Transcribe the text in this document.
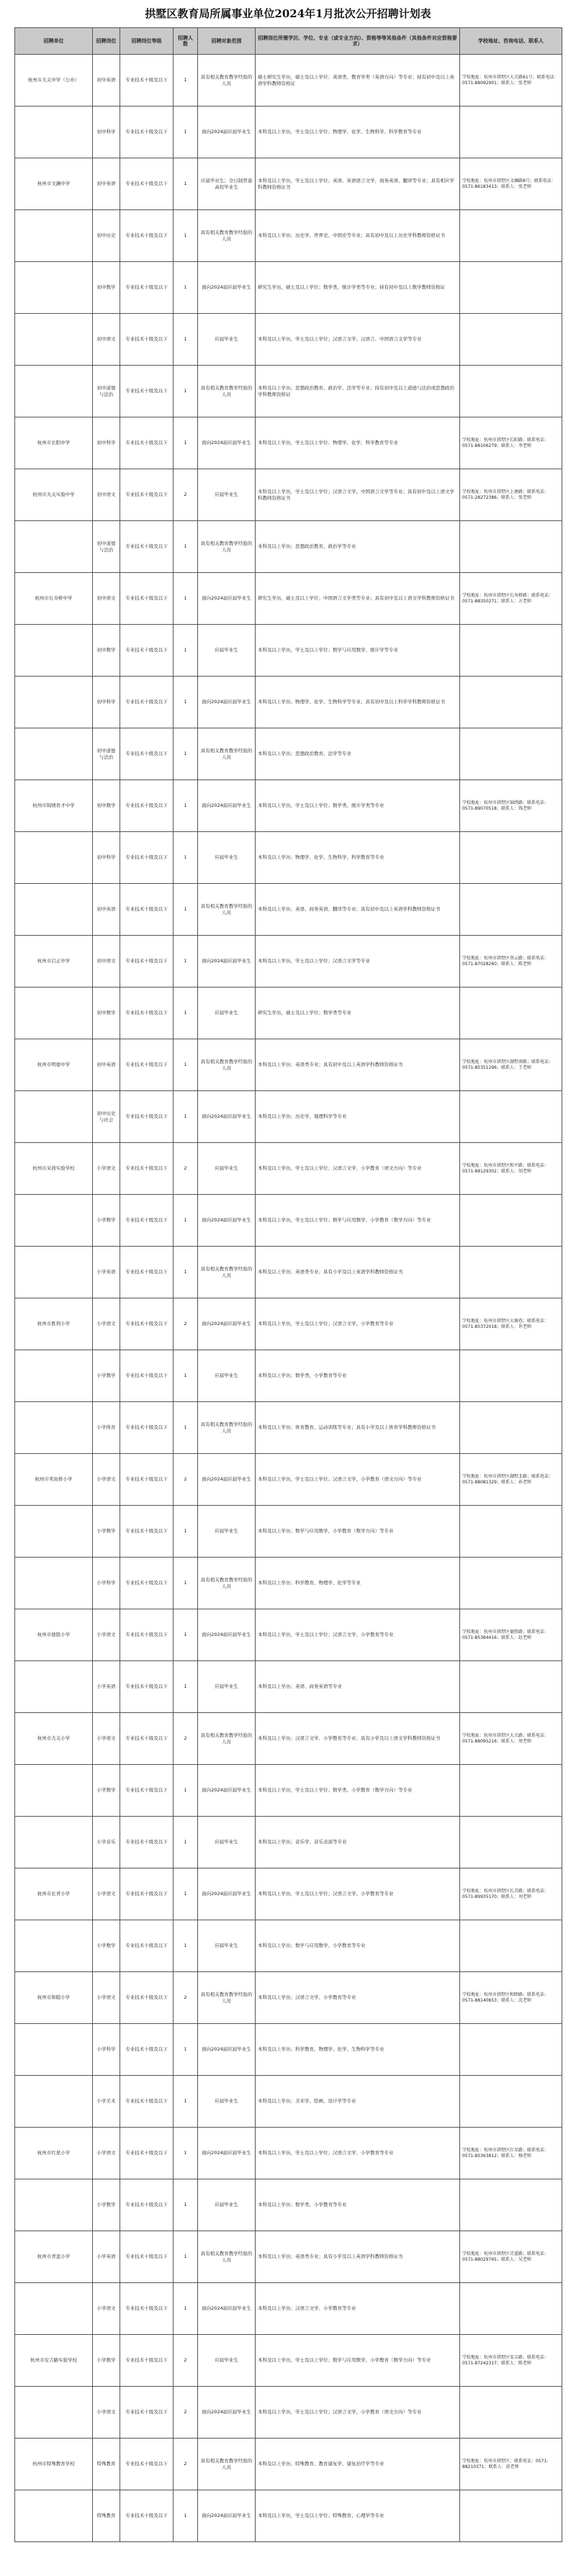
拱墅区教育局所属事业单位2024年1月批次公开招聘计划表
招聘单位	招聘岗位	招聘岗位等级	招聘人数	招聘对象范围	招聘岗位所需学历、学位、专业（或专业方向）、资格等等其他条件（其他条件对应资格要求）	学校地址、咨询电话、联系人
杭州市大关中学（公办）	初中英语	专业技术十级及以下	1	具有相关教育教学经验的人员	硕士研究生学历，硕士及以上学位；英语类、教育学类（英语方向）等专业；持有初中及以上英语学科教师资格证	学校地址：杭州市拱墅区大关路61号；联系电话：0571-88092901；联系人：张老师
	初中科学	专业技术十级及以下	1	面向2024届应届毕业生	本科及以上学历，学士及以上学位；物理学、化学、生物科学、科学教育等专业	
杭州市文澜中学	初中英语	专业技术十级及以下	1	应届毕业生；全日制普通高校毕业生	本科及以上学历，学士及以上学位；英语、英语语言文学、商务英语、翻译等专业；具有相应学科教师资格证书	学校地址：杭州市拱墅区文澜路8号；联系电话：0571-86183413；联系人：张老师
	初中历史	专业技术十级及以下	1	具有相关教育教学经验的人员	本科及以上学历；历史学、世界史、中国史等专业；具有初中及以上历史学科教师资格证书	
	初中数学	专业技术十级及以下	1	面向2024届应届毕业生	研究生学历，硕士及以上学位；数学类、统计学类等专业；持有初中及以上数学教师资格证	
	初中语文	专业技术十级及以下	1	应届毕业生	本科及以上学历，学士及以上学位；汉语言文学、汉语言、中国语言文学等专业	
	初中道德与法治	专业技术十级及以下	1	具有相关教育教学经验的人员	本科及以上学历；思想政治教育、政治学、法学等专业；持有初中及以上道德与法治或思想政治学科教师资格证	
杭州市长阳中学	初中科学	专业技术十级及以下	1	面向2024届应届毕业生	本科及以上学历，学士及以上学位；物理学、化学、科学教育等专业	学校地址：杭州市拱墅区长阳路；联系电话：0571-88106279；联系人：李老师
杭州市大关实验中学	初中语文	专业技术十级及以下	2	应届毕业生	本科及以上学历，学士及以上学位；汉语言文学、中国语言文学等专业；具有初中及以上语文学科教师资格证书	学校地址：杭州市拱墅区上塘路；联系电话：0571-28272386；联系人：张老师
	初中道德与法治	专业技术十级及以下	1	具有相关教育教学经验的人员	本科及以上学历；思想政治教育、政治学等专业	
杭州市长寿桥中学	初中语文	专业技术十级及以下	1	面向2024届应届毕业生	研究生学历，硕士及以上学位；中国语言文学类等专业；具有初中及以上语文学科教师资格证书	学校地址：杭州市拱墅区长寿桥路；联系电话：0571-88350271；联系人：方老师
	初中数学	专业技术十级及以下	1	应届毕业生	本科及以上学历，学士及以上学位；数学与应用数学、统计学等专业	
	初中科学	专业技术十级及以下	1	面向2024届应届毕业生	本科及以上学历；物理学、化学、生物科学等专业；具有初中及以上科学学科教师资格证书	
	初中道德与法治	专业技术十级及以下	1	具有相关教育教学经验的人员	本科及以上学历；思想政治教育、法学等专业	
杭州市锦绣育才中学	初中数学	专业技术十级及以下	1	面向2024届应届毕业生	本科及以上学历，学士及以上学位；数学类、统计学类等专业	学校地址：杭州市拱墅区锦绣路；联系电话：0571-89070518；联系人：钱老师
	初中科学	专业技术十级及以下	1	应届毕业生	本科及以上学历；物理学、化学、生物科学、科学教育等专业	
	初中英语	专业技术十级及以下	1	具有相关教育教学经验的人员	本科及以上学历；英语、商务英语、翻译等专业；具有初中及以上英语学科教师资格证书	
杭州市启正中学	初中语文	专业技术十级及以下	1	面向2024届应届毕业生	本科及以上学历，学士及以上学位；汉语言文学等专业	学校地址：杭州市拱墅区登云路；联系电话：0571-87028260；联系人：陈老师
	初中数学	专业技术十级及以下	1	应届毕业生	研究生学历，硕士及以上学位；数学类等专业	
杭州市明德中学	初中英语	专业技术十级及以下	1	具有相关教育教学经验的人员	本科及以上学历；英语类专业；具有初中及以上英语学科教师资格证书	学校地址：杭州市拱墅区湖墅南路；联系电话：0571-85351296；联系人：王老师
	初中历史与社会	专业技术十级及以下	1	面向2024届应届毕业生	本科及以上学历；历史学、地理科学等专业	
杭州市采荷实验学校	小学语文	专业技术十级及以下	2	应届毕业生	本科及以上学历，学士及以上学位；汉语言文学、小学教育（语文方向）等专业	学校地址：杭州市拱墅区和平路；联系电话：0571-88129302；联系人：胡老师
	小学数学	专业技术十级及以下	1	面向2024届应届毕业生	本科及以上学历，学士及以上学位；数学与应用数学、小学教育（数学方向）等专业	
	小学英语	专业技术十级及以下	1	具有相关教育教学经验的人员	本科及以上学历；英语类专业；具有小学及以上英语学科教师资格证书	
杭州市胜利小学	小学语文	专业技术十级及以下	2	面向2024届应届毕业生	本科及以上学历，学士及以上学位；汉语言文学、小学教育等专业	学校地址：杭州市拱墅区大塘巷；联系电话：0571-85372018；联系人：许老师
	小学数学	专业技术十级及以下	1	应届毕业生	本科及以上学历；数学类、小学教育等专业	
	小学体育	专业技术十级及以下	1	具有相关教育教学经验的人员	本科及以上学历；体育教育、运动训练等专业；具有小学及以上体育学科教师资格证书	
杭州市卖鱼桥小学	小学语文	专业技术十级及以下	2	面向2024届应届毕业生	本科及以上学历，学士及以上学位；汉语言文学、小学教育（语文方向）等专业	学校地址：杭州市拱墅区湖墅北路；联系电话：0571-88081329；联系人：孙老师
	小学数学	专业技术十级及以下	1	应届毕业生	本科及以上学历；数学与应用数学、小学教育（数学方向）等专业	
	小学科学	专业技术十级及以下	1	具有相关教育教学经验的人员	本科及以上学历；科学教育、物理学、化学等专业	
杭州市德胜小学	小学语文	专业技术十级及以下	1	面向2024届应届毕业生	本科及以上学历，学士及以上学位；汉语言文学、小学教育等专业	学校地址：杭州市拱墅区德胜路；联系电话：0571-85384416；联系人：赵老师
	小学英语	专业技术十级及以下	1	应届毕业生	本科及以上学历；英语、商务英语等专业	
杭州市大关小学	小学语文	专业技术十级及以下	2	具有相关教育教学经验的人员	本科及以上学历；汉语言文学、小学教育等专业；具有小学及以上语文学科教师资格证书	学校地址：杭州市拱墅区大关路；联系电话：0571-88095216；联系人：周老师
	小学数学	专业技术十级及以下	1	面向2024届应届毕业生	本科及以上学历，学士及以上学位；数学类、小学教育（数学方向）等专业	
	小学音乐	专业技术十级及以下	1	应届毕业生	本科及以上学历；音乐学、音乐表演等专业	
杭州市长青小学	小学语文	专业技术十级及以下	1	面向2024届应届毕业生	本科及以上学历，学士及以上学位；汉语言文学、小学教育等专业	学校地址：杭州市拱墅区长青路；联系电话：0571-89935170；联系人：刘老师
	小学数学	专业技术十级及以下	1	应届毕业生	本科及以上学历；数学与应用数学、小学教育等专业	
杭州市和睦小学	小学语文	专业技术十级及以下	2	具有相关教育教学经验的人员	本科及以上学历；汉语言文学、小学教育等专业	学校地址：杭州市拱墅区和睦路；联系电话：0571-88140653；联系人：沈老师
	小学科学	专业技术十级及以下	1	面向2024届应届毕业生	本科及以上学历；科学教育、物理学、化学、生物科学等专业	
	小学美术	专业技术十级及以下	1	应届毕业生	本科及以上学历；美术学、绘画、设计学等专业	
杭州市红星小学	小学语文	专业技术十级及以下	1	面向2024届应届毕业生	本科及以上学历，学士及以上学位；汉语言文学、小学教育等专业	学校地址：杭州市拱墅区红星路；联系电话：0571-85363812；联系人：杨老师
	小学数学	专业技术十级及以下	1	应届毕业生	本科及以上学历；数学类、小学教育等专业	
杭州市青蓝小学	小学英语	专业技术十级及以下	1	具有相关教育教学经验的人员	本科及以上学历；英语类专业；具有小学及以上英语学科教师资格证书	学校地址：杭州市拱墅区青蓝路；联系电话：0571-88029765；联系人：吴老师
	小学语文	专业技术十级及以下	1	面向2024届应届毕业生	本科及以上学历；汉语言文学、小学教育等专业	
杭州市安吉路实验学校	小学数学	专业技术十级及以下	2	应届毕业生	本科及以上学历，学士及以上学位；数学与应用数学、小学教育（数学方向）等专业	学校地址：杭州市拱墅区安吉路；联系电话：0571-87242317；联系人：陈老师
	小学语文	专业技术十级及以下	2	面向2024届应届毕业生	本科及以上学历，学士及以上学位；汉语言文学、小学教育（语文方向）等专业	
杭州市特殊教育学校	特殊教育	专业技术十级及以下	2	具有相关教育教学经验的人员	本科及以上学历；特殊教育、教育康复学、康复治疗学等专业	学校地址：杭州市拱墅区；联系电话：0571-88210371；联系人：黄老师
	特殊教育	专业技术十级及以下	1	面向2024届应届毕业生	本科及以上学历，学士及以上学位；特殊教育、心理学等专业	
